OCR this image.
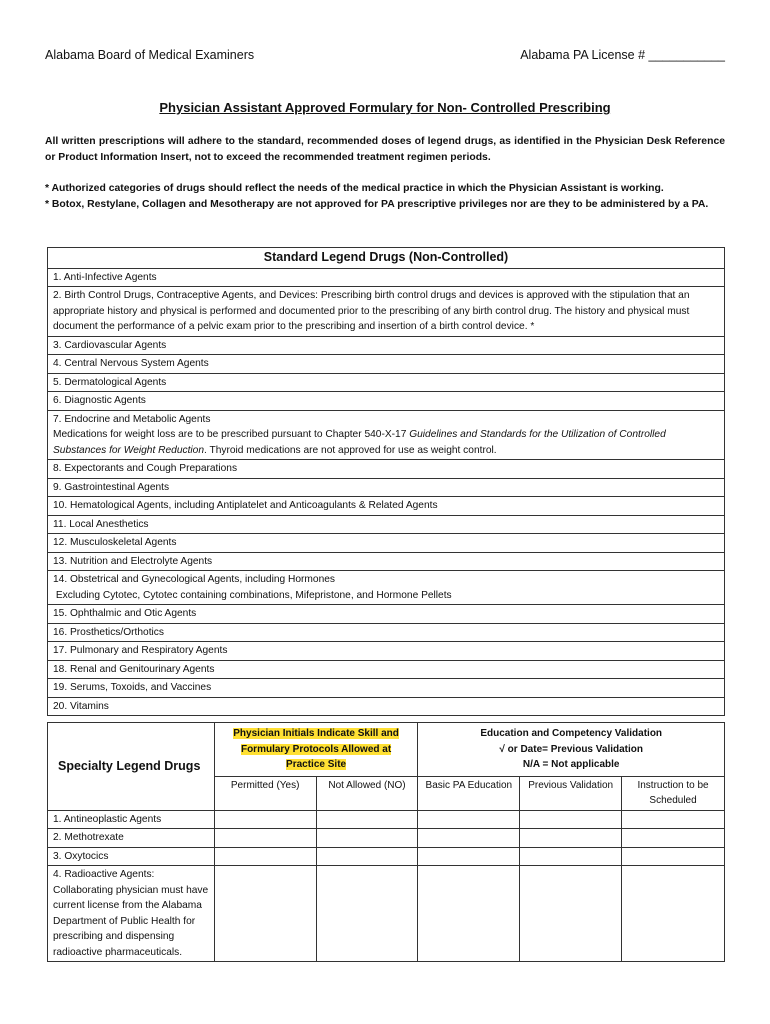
Alabama Board of Medical Examiners	Alabama PA License # ___________
Physician Assistant Approved Formulary for Non- Controlled Prescribing
All written prescriptions will adhere to the standard, recommended doses of legend drugs, as identified in the Physician Desk Reference or Product Information Insert, not to exceed the recommended treatment regimen periods.
* Authorized categories of drugs should reflect the needs of the medical practice in which the Physician Assistant is working.
* Botox, Restylane, Collagen and Mesotherapy are not approved for PA prescriptive privileges nor are they to be administered by a PA.
Standard Legend Drugs (Non-Controlled)
1. Anti-Infective Agents
2. Birth Control Drugs, Contraceptive Agents, and Devices: Prescribing birth control drugs and devices is approved with the stipulation that an appropriate history and physical is performed and documented prior to the prescribing of any birth control drug. The history and physical must document the performance of a pelvic exam prior to the prescribing and insertion of a birth control device. *
3. Cardiovascular Agents
4. Central Nervous System Agents
5. Dermatological Agents
6. Diagnostic Agents

7. Endocrine and Metabolic Agents
Medications for weight loss are to be prescribed pursuant to Chapter 540-X-17 Guidelines and Standards for the Utilization of Controlled Substances for Weight Reduction. Thyroid medications are not approved for use as weight control.

8. Expectorants and Cough Preparations
9. Gastrointestinal Agents
10. Hematological Agents, including Antiplatelet and Anticoagulants & Related Agents
11. Local Anesthetics
12. Musculoskeletal Agents
13. Nutrition and Electrolyte Agents

14. Obstetrical and Gynecological Agents, including Hormones
Excluding Cytotec, Cytotec containing combinations, Mifepristone, and Hormone Pellets

15. Ophthalmic and Otic Agents
16. Prosthetics/Orthotics
17. Pulmonary and Respiratory Agents
18. Renal and Genitourinary Agents
19. Serums, Toxoids, and Vaccines
20. Vitamins
Specialty Legend Drugs	Physician Initials Indicate Skill and Formulary Protocols Allowed at Practice Site		Education and Competency Validation
√ or Date= Previous Validation
N/A = Not applicable		

	Permitted (Yes)	Not Allowed (NO)	Basic PA Education	Previous Validation	Instruction to be Scheduled
1. Antineoplastic Agents					
2. Methotrexate					
3. Oxytocics					
4. Radioactive Agents: Collaborating physician must have current license from the Alabama Department of Public Health for prescribing and dispensing radioactive pharmaceuticals.					
